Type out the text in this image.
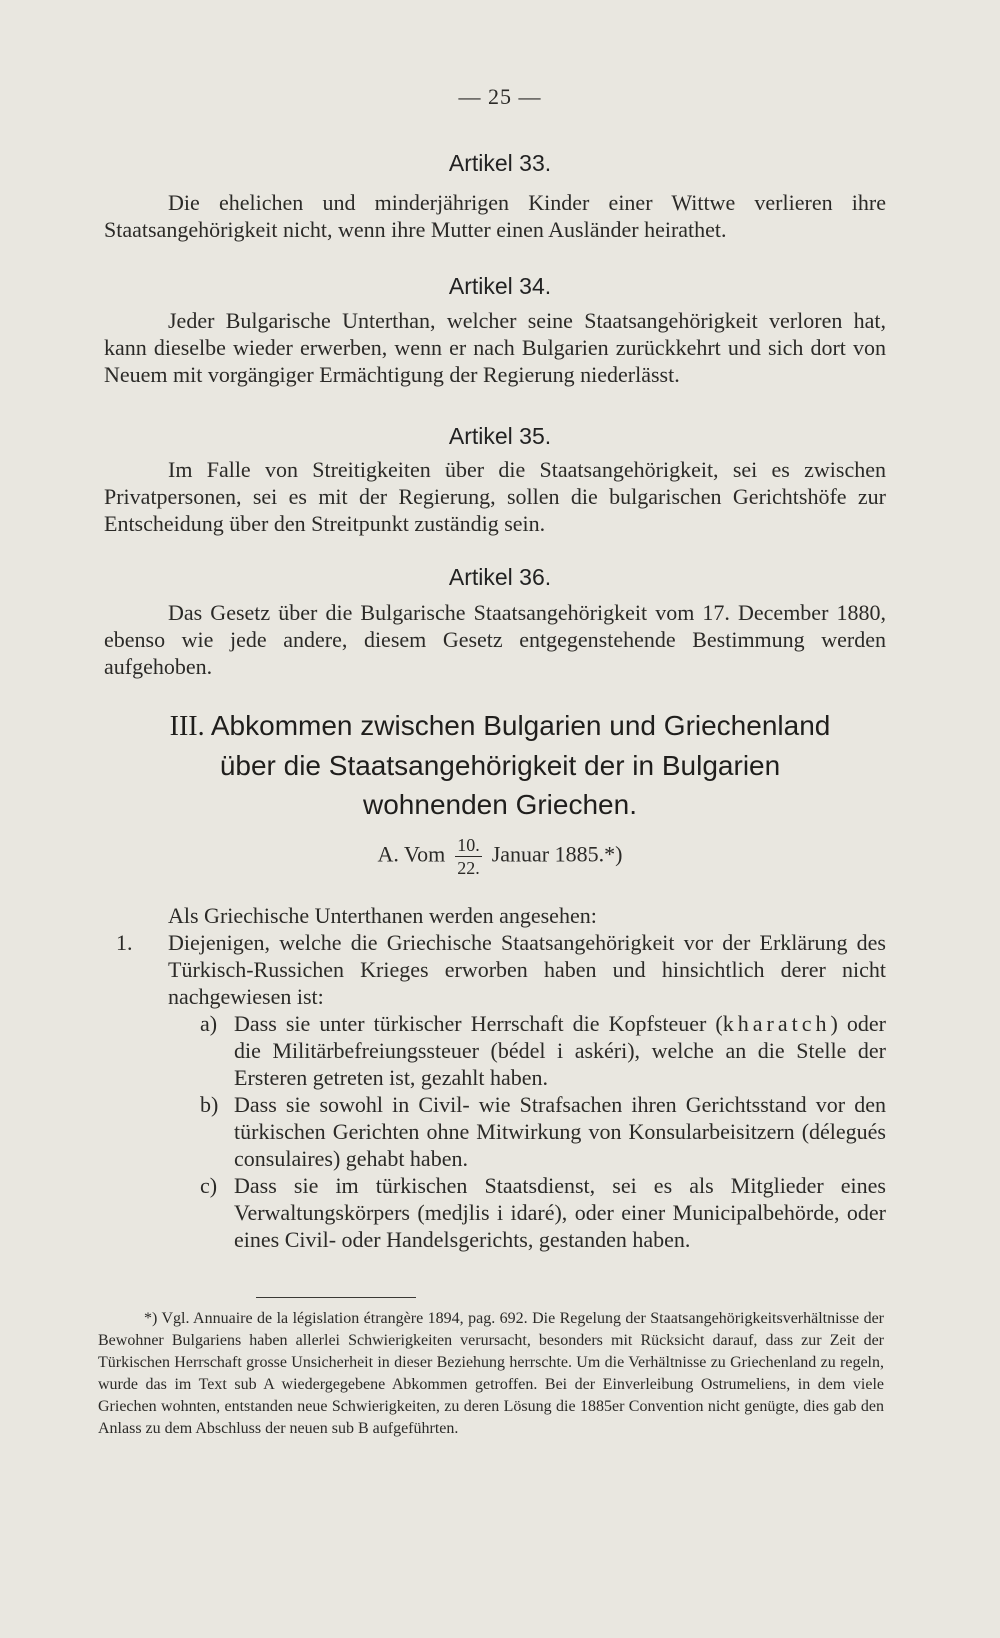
— 25 —
Artikel 33.

Die ehelichen und minderjährigen Kinder einer Wittwe verlieren ihre Staatsangehörigkeit nicht, wenn ihre Mutter einen Ausländer heirathet.

Artikel 34.

Jeder Bulgarische Unterthan, welcher seine Staatsangehörigkeit verloren hat, kann dieselbe wieder erwerben, wenn er nach Bulgarien zurückkehrt und sich dort von Neuem mit vorgängiger Ermächtigung der Regierung niederlässt.

Artikel 35.

Im Falle von Streitigkeiten über die Staatsangehörigkeit, sei es zwischen Privatpersonen, sei es mit der Regierung, sollen die bulgarischen Gerichtshöfe zur Entscheidung über den Streitpunkt zuständig sein.

Artikel 36.

Das Gesetz über die Bulgarische Staatsangehörigkeit vom 17. December 1880, ebenso wie jede andere, diesem Gesetz entgegenstehende Bestimmung werden aufgehoben.

III. Abkommen zwischen Bulgarien und Griechenland
über die Staatsangehörigkeit der in Bulgarien
wohnenden Griechen.
A. Vom $\frac{10.}{22.}$ Januar 1885.*)

Als Griechische Unterthanen werden angesehen:

1. Diejenigen, welche die Griechische Staatsangehörigkeit vor der Erklärung des Türkisch-Russichen Krieges erworben haben und hinsichtlich derer nicht nachgewiesen ist:
a) Dass sie unter türkischer Herrschaft die Kopfsteuer (kharatch) oder die Militärbefreiungssteuer (bédel i askéri), welche an die Stelle der Ersteren getreten ist, gezahlt haben.
b) Dass sie sowohl in Civil- wie Strafsachen ihren Gerichtsstand vor den türkischen Gerichten ohne Mitwirkung von Konsularbeisitzern (délegués consulaires) gehabt haben.
c) Dass sie im türkischen Staatsdienst, sei es als Mitglieder eines Verwaltungskörpers (medjlis i idaré), oder einer Municipalbehörde, oder eines Civil- oder Handelsgerichts, gestanden haben.

*) Vgl. Annuaire de la législation étrangère 1894, pag. 692. Die Regelung der Staatsangehörigkeitsverhältnisse der Bewohner Bulgariens haben allerlei Schwierigkeiten verursacht, besonders mit Rücksicht darauf, dass zur Zeit der Türkischen Herrschaft grosse Unsicherheit in dieser Beziehung herrschte. Um die Verhältnisse zu Griechenland zu regeln, wurde das im Text sub A wiedergegebene Abkommen getroffen. Bei der Einverleibung Ostrumeliens, in dem viele Griechen wohnten, entstanden neue Schwierigkeiten, zu deren Lösung die 1885er Convention nicht genügte, dies gab den Anlass zu dem Abschluss der neuen sub B aufgeführten.
